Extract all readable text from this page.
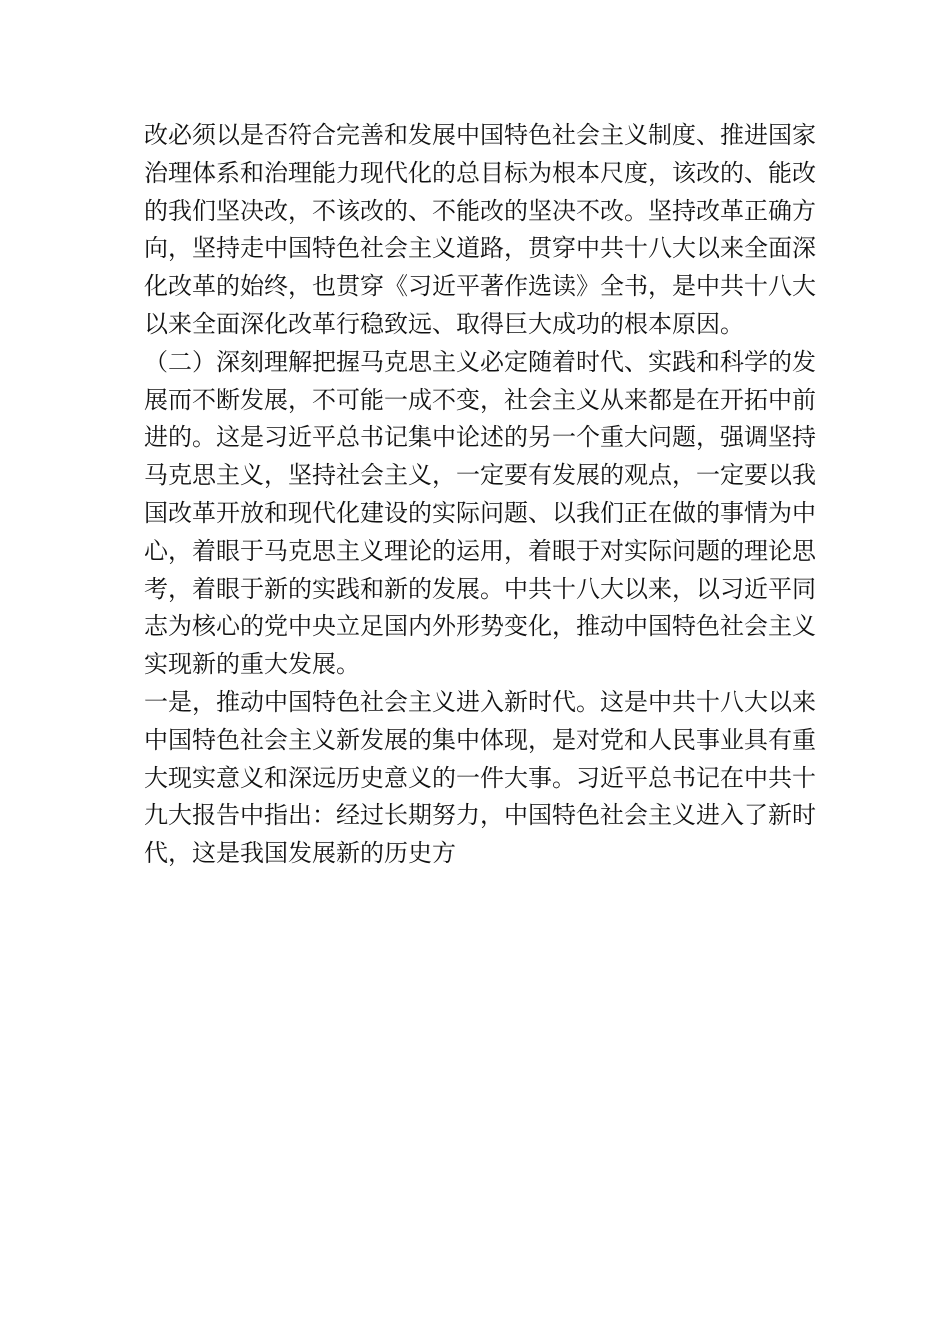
改必须以是否符合完善和发展中国特色社会主义制度、推进国家治理体系和治理能力现代化的总目标为根本尺度，该改的、能改的我们坚决改，不该改的、不能改的坚决不改。坚持改革正确方向，坚持走中国特色社会主义道路，贯穿中共十八大以来全面深化改革的始终，也贯穿《习近平著作选读》全书，是中共十八大以来全面深化改革行稳致远、取得巨大成功的根本原因。

（二）深刻理解把握马克思主义必定随着时代、实践和科学的发展而不断发展，不可能一成不变，社会主义从来都是在开拓中前进的。这是习近平总书记集中论述的另一个重大问题，强调坚持马克思主义，坚持社会主义，一定要有发展的观点，一定要以我国改革开放和现代化建设的实际问题、以我们正在做的事情为中心，着眼于马克思主义理论的运用，着眼于对实际问题的理论思考，着眼于新的实践和新的发展。中共十八大以来，以习近平同志为核心的党中央立足国内外形势变化，推动中国特色社会主义实现新的重大发展。

一是，推动中国特色社会主义进入新时代。这是中共十八大以来中国特色社会主义新发展的集中体现，是对党和人民事业具有重大现实意义和深远历史意义的一件大事。习近平总书记在中共十九大报告中指出：经过长期努力，中国特色社会主义进入了新时代，这是我国发展新的历史方
